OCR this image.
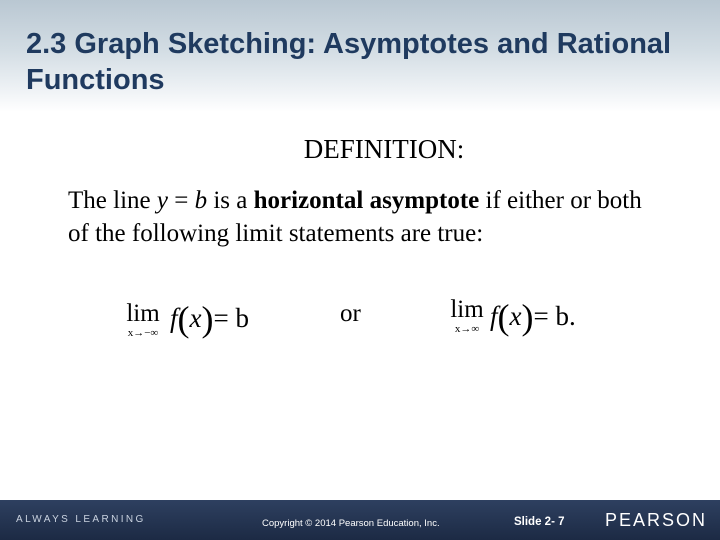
2.3 Graph Sketching: Asymptotes and Rational Functions
DEFINITION:
The line y = b is a horizontal asymptote if either or both of the following limit statements are true:
lim
x→−∞ f(x)= b	or	lim
x→∞ f(x)= b.
ALWAYS LEARNING	Copyright © 2014 Pearson Education, Inc.	Slide 2- 7 PEARSON
